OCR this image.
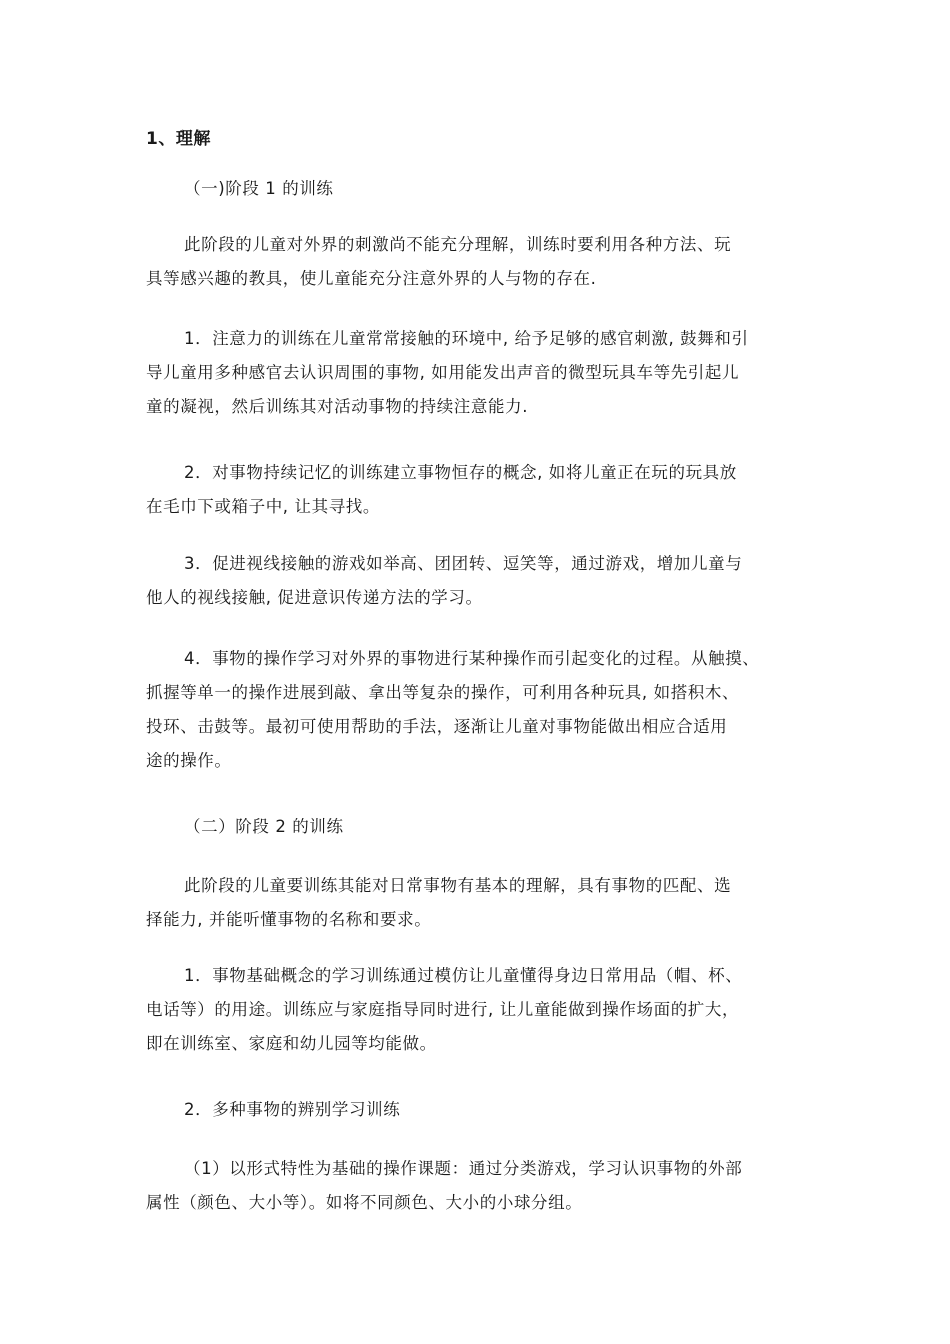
1、理解
（一)阶段 1 的训练
此阶段的儿童对外界的刺激尚不能充分理解，训练时要利用各种方法、玩
具等感兴趣的教具，使儿童能充分注意外界的人与物的存在.
1．注意力的训练在儿童常常接触的环境中, 给予足够的感官刺激, 鼓舞和引
导儿童用多种感官去认识周围的事物, 如用能发出声音的微型玩具车等先引起儿
童的凝视，然后训练其对活动事物的持续注意能力.
2．对事物持续记忆的训练建立事物恒存的概念, 如将儿童正在玩的玩具放
在毛巾下或箱子中, 让其寻找。
3．促进视线接触的游戏如举高、团团转、逗笑等，通过游戏，增加儿童与
他人的视线接触, 促进意识传递方法的学习。
4．事物的操作学习对外界的事物进行某种操作而引起变化的过程。从触摸、
抓握等单一的操作进展到敲、拿出等复杂的操作，可利用各种玩具, 如搭积木、
投环、击鼓等。最初可使用帮助的手法，逐渐让儿童对事物能做出相应合适用
途的操作。
（二）阶段 2 的训练
此阶段的儿童要训练其能对日常事物有基本的理解，具有事物的匹配、选
择能力, 并能听懂事物的名称和要求。
1．事物基础概念的学习训练通过模仿让儿童懂得身边日常用品（帽、杯、
电话等）的用途。训练应与家庭指导同时进行, 让儿童能做到操作场面的扩大，
即在训练室、家庭和幼儿园等均能做。
2．多种事物的辨别学习训练
（1）以形式特性为基础的操作课题：通过分类游戏，学习认识事物的外部
属性（颜色、大小等）。如将不同颜色、大小的小球分组。
